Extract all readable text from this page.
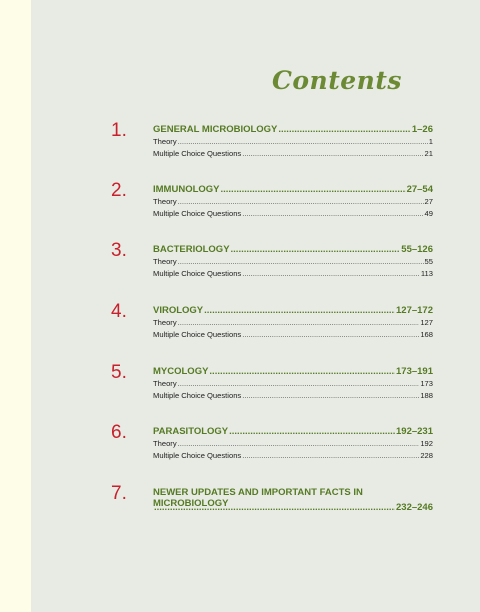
Contents
1.	GENERAL MICROBIOLOGY .....	1–26
Theory .....	1
Multiple Choice Questions .....	21
2.	IMMUNOLOGY .....	27–54
Theory .....	27
Multiple Choice Questions .....	49
3.	BACTERIOLOGY .....	55–126
Theory .....	55
Multiple Choice Questions .....	113
4.	VIROLOGY .....	127–172
Theory .....	127
Multiple Choice Questions .....	168
5.	MYCOLOGY .....	173–191
Theory .....	173
Multiple Choice Questions .....	188
6.	PARASITOLOGY .....	192–231
Theory .....	192
Multiple Choice Questions .....	228
7.	NEWER UPDATES AND IMPORTANT FACTS IN MICROBIOLOGY .....	232–246
